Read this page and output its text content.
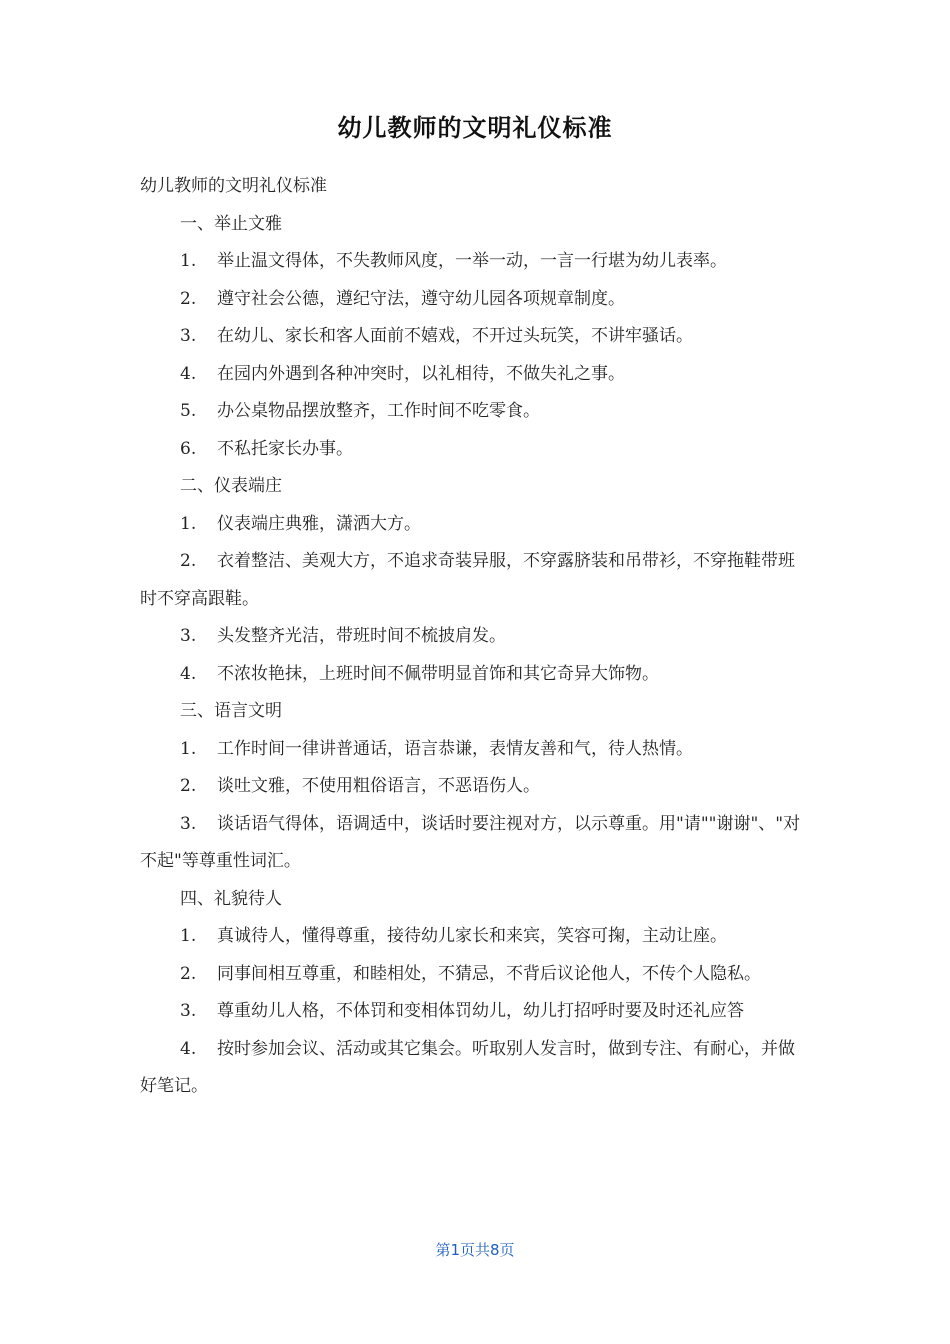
幼儿教师的文明礼仪标准

幼儿教师的文明礼仪标准

一、举止文雅

1. 举止温文得体，不失教师风度，一举一动，一言一行堪为幼儿表率。

2. 遵守社会公德，遵纪守法，遵守幼儿园各项规章制度。

3. 在幼儿、家长和客人面前不嬉戏，不开过头玩笑，不讲牢骚话。

4. 在园内外遇到各种冲突时，以礼相待，不做失礼之事。

5. 办公桌物品摆放整齐，工作时间不吃零食。

6. 不私托家长办事。

二、仪表端庄

1. 仪表端庄典雅，潇洒大方。

2. 衣着整洁、美观大方，不追求奇装异服，不穿露脐装和吊带衫，不穿拖鞋带班时不穿高跟鞋。

3. 头发整齐光洁，带班时间不梳披肩发。

4. 不浓妆艳抹，上班时间不佩带明显首饰和其它奇异大饰物。

三、语言文明

1. 工作时间一律讲普通话，语言恭谦，表情友善和气，待人热情。

2. 谈吐文雅，不使用粗俗语言，不恶语伤人。

3. 谈话语气得体，语调适中，谈话时要注视对方，以示尊重。用"请""谢谢"、"对不起"等尊重性词汇。

四、礼貌待人

1. 真诚待人，懂得尊重，接待幼儿家长和来宾，笑容可掬，主动让座。

2. 同事间相互尊重，和睦相处，不猜忌，不背后议论他人，不传个人隐私。

3. 尊重幼儿人格，不体罚和变相体罚幼儿，幼儿打招呼时要及时还礼应答

4. 按时参加会议、活动或其它集会。听取别人发言时，做到专注、有耐心，并做好笔记。

第1页共8页
